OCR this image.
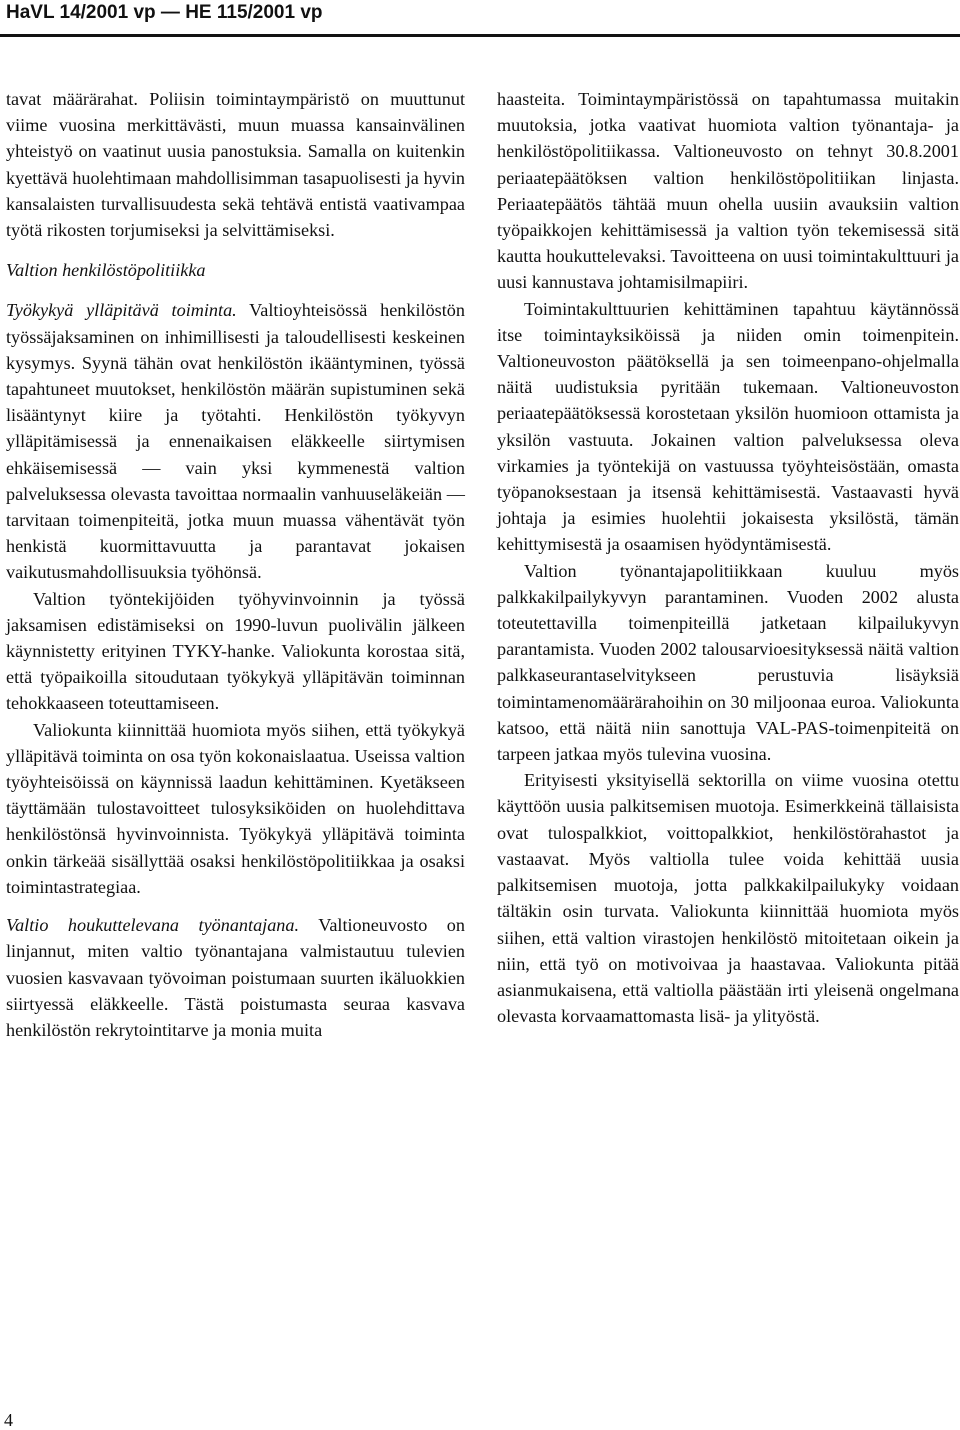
HaVL 14/2001 vp — HE 115/2001 vp

tavat määrärahat. Poliisin toimintaympäristö on muuttunut viime vuosina merkittävästi, muun muassa kansainvälinen yhteistyö on vaatinut uusia panostuksia. Samalla on kuitenkin kyettävä huolehtimaan mahdollisimman tasapuolisesti ja hyvin kansalaisten turvallisuudesta sekä tehtävä entistä vaativampaa työtä rikosten torjumiseksi ja selvittämiseksi.

Valtion henkilöstöpolitiikka

Työkykyä ylläpitävä toiminta. Valtioyhteisössä henkilöstön työssäjaksaminen on inhimillisesti ja taloudellisesti keskeinen kysymys. Syynä tähän ovat henkilöstön ikääntyminen, työssä tapahtuneet muutokset, henkilöstön määrän supistuminen sekä lisääntynyt kiire ja työtahti. Henkilöstön työkyvyn ylläpitämisessä ja ennenaikaisen eläkkeelle siirtymisen ehkäisemisessä — vain yksi kymmenestä valtion palveluksessa olevasta tavoittaa normaalin vanhuuseläkeiän — tarvitaan toimenpiteitä, jotka muun muassa vähentävät työn henkistä kuormittavuutta ja parantavat jokaisen vaikutusmahdollisuuksia työhönsä.

Valtion työntekijöiden työhyvinvoinnin ja työssä jaksamisen edistämiseksi on 1990-luvun puolivälin jälkeen käynnistetty erityinen TYKY-hanke. Valiokunta korostaa sitä, että työpaikoilla sitoudutaan työkykyä ylläpitävän toiminnan tehokkaaseen toteuttamiseen.

Valiokunta kiinnittää huomiota myös siihen, että työkykyä ylläpitävä toiminta on osa työn kokonaislaatua. Useissa valtion työyhteisöissä on käynnissä laadun kehittäminen. Kyetäkseen täyttämään tulostavoitteet tulosyksiköiden on huolehdittava henkilöstönsä hyvinvoinnista. Työkykyä ylläpitävä toiminta onkin tärkeää sisällyttää osaksi henkilöstöpolitiikkaa ja osaksi toimintastrategiaa.

Valtio houkuttelevana työnantajana. Valtioneuvosto on linjannut, miten valtio työnantajana valmistautuu tulevien vuosien kasvavaan työvoiman poistumaan suurten ikäluokkien siirtyessä eläkkeelle. Tästä poistumasta seuraa kasvava henkilöstön rekrytointitarve ja monia muita

haasteita. Toimintaympäristössä on tapahtumassa muitakin muutoksia, jotka vaativat huomiota valtion työnantaja- ja henkilöstöpolitiikassa. Valtioneuvosto on tehnyt 30.8.2001 periaatepäätöksen valtion henkilöstöpolitiikan linjasta. Periaatepäätös tähtää muun ohella uusiin avauksiin valtion työpaikkojen kehittämisessä ja valtion työn tekemisessä sitä kautta houkuttelevaksi. Tavoitteena on uusi toimintakulttuuri ja uusi kannustava johtamisilmapiiri.

Toimintakulttuurien kehittäminen tapahtuu käytännössä itse toimintayksiköissä ja niiden omin toimenpitein. Valtioneuvoston päätöksellä ja sen toimeenpano-ohjelmalla näitä uudistuksia pyritään tukemaan. Valtioneuvoston periaatepäätöksessä korostetaan yksilön huomioon ottamista ja yksilön vastuuta. Jokainen valtion palveluksessa oleva virkamies ja työntekijä on vastuussa työyhteisöstään, omasta työpanoksestaan ja itsensä kehittämisestä. Vastaavasti hyvä johtaja ja esimies huolehtii jokaisesta yksilöstä, tämän kehittymisestä ja osaamisen hyödyntämisestä.

Valtion työnantajapolitiikkaan kuuluu myös palkkakilpailykyvyn parantaminen. Vuoden 2002 alusta toteutettavilla toimenpiteillä jatketaan kilpailukyvyn parantamista. Vuoden 2002 talousarvioesityksessä näitä valtion palkkaseurantaselvitykseen perustuvia lisäyksiä toimintamenomäärärahoihin on 30 miljoonaa euroa. Valiokunta katsoo, että näitä niin sanottuja VAL-PAS-toimenpiteitä on tarpeen jatkaa myös tulevina vuosina.

Erityisesti yksityisellä sektorilla on viime vuosina otettu käyttöön uusia palkitsemisen muotoja. Esimerkkeinä tällaisista ovat tulospalkkiot, voittopalkkiot, henkilöstörahastot ja vastaavat. Myös valtiolla tulee voida kehittää uusia palkitsemisen muotoja, jotta palkkakilpailukyky voidaan tältäkin osin turvata. Valiokunta kiinnittää huomiota myös siihen, että valtion virastojen henkilöstö mitoitetaan oikein ja niin, että työ on motivoivaa ja haastavaa. Valiokunta pitää asianmukaisena, että valtiolla päästään irti yleisenä ongelmana olevasta korvaamattomasta lisä- ja ylityöstä.

4
